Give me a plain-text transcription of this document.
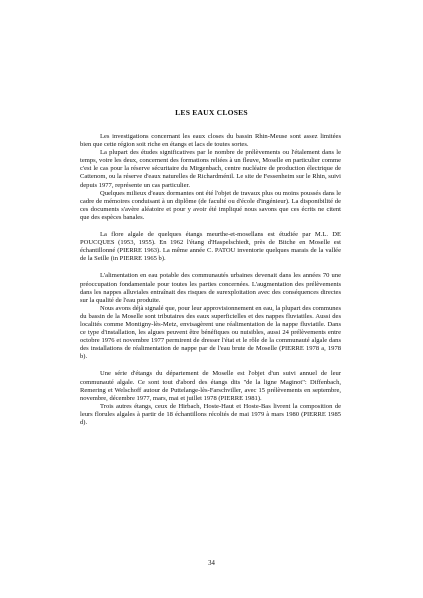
LES EAUX CLOSES

Les investigations concernant les eaux closes du bassin Rhin-Meuse sont assez limitées bien que cette région soit riche en étangs et lacs de toutes sortes.

La plupart des études significatives par le nombre de prélèvements ou l'étalement dans le temps, voire les deux, concernent des formations reliées à un fleuve, Moselle en particulier comme c'est le cas pour la réserve sécuritaire du Mirgenbach, centre nucléaire de production électrique de Cattenom, ou la réserve d'eaux naturelles de Richardménil. Le site de Fessenheim sur le Rhin, suivi depuis 1977, représente un cas particulier.

Quelques milieux d'eaux dormantes ont été l'objet de travaux plus ou moins poussés dans le cadre de mémoires conduisant à un diplôme (de faculté ou d'école d'ingénieur). La disponibilité de ces documents s'avère aléatoire et pour y avoir été impliqué nous savons que ces écrits ne citent que des espèces banales.

La flore algale de quelques étangs meurthe-et-mosellans est étudiée par M.L. DE POUCQUES (1953, 1955). En 1962 l'étang d'Haspelschiedt, près de Bitche en Moselle est échantillonné (PIERRE 1963). La même année C. PATOU inventorie quelques marais de la vallée de la Seille (in PIERRE 1965 b).

L'alimentation en eau potable des communautés urbaines devenait dans les années 70 une préoccupation fondamentale pour toutes les parties concernées. L'augmentation des prélèvements dans les nappes alluviales entraînait des risques de surexploitation avec des conséquences directes sur la qualité de l'eau produite.

Nous avons déjà signalé que, pour leur approvisionnement en eau, la plupart des communes du bassin de la Moselle sont tributaires des eaux superficielles et des nappes fluviatiles. Aussi des localités comme Montigny-lès-Metz, envisagèrent une réalimentation de la nappe fluviatile. Dans ce type d'installation, les algues peuvent être bénéfiques ou nuisibles, aussi 24 prélèvements entre octobre 1976 et novembre 1977 permirent de dresser l'état et le rôle de la communauté algale dans des installations de réalimentation de nappe par de l'eau brute de Moselle (PIERRE 1978 a, 1978 b).

Une série d'étangs du département de Moselle est l'objet d'un suivi annuel de leur communauté algale. Ce sont tout d'abord des étangs dits "de la ligne Maginot": Diffenbach, Remering et Welschoff autour de Puttelange-lès-Farschviller, avec 15 prélèvements en septembre, novembre, décembre 1977, mars, mai et juillet 1978 (PIERRE 1981).

Trois autres étangs, ceux de Hirbach, Hoste-Haut et Hoste-Bas livrent la composition de leurs florules algales à partir de 18 échantillons récoltés de mai 1979 à mars 1980 (PIERRE 1985 d).

34
